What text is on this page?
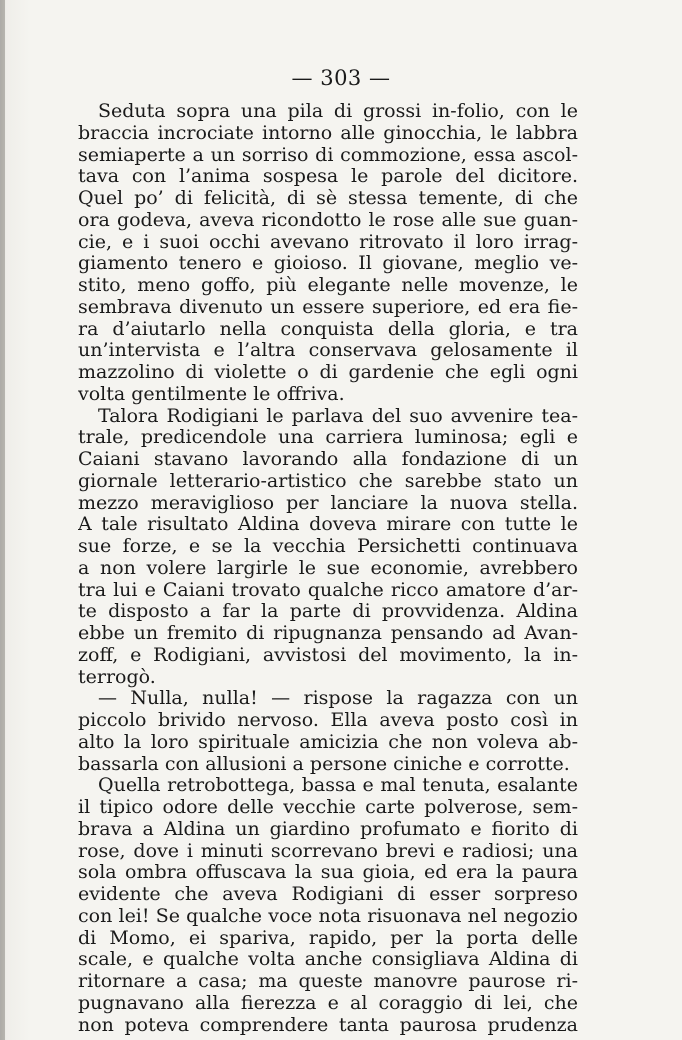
— 303 —
Seduta sopra una pila di grossi in-folio, con le
braccia incrociate intorno alle ginocchia, le labbra
semiaperte a un sorriso di commozione, essa ascol-
tava con l’anima sospesa le parole del dicitore.
Quel po’ di felicità, di sè stessa temente, di che
ora godeva, aveva ricondotto le rose alle sue guan-
cie, e i suoi occhi avevano ritrovato il loro irrag-
giamento tenero e gioioso. Il giovane, meglio ve-
stito, meno goffo, più elegante nelle movenze, le
sembrava divenuto un essere superiore, ed era fie-
ra d’aiutarlo nella conquista della gloria, e tra
un’intervista e l’altra conservava gelosamente il
mazzolino di violette o di gardenie che egli ogni
volta gentilmente le offriva.
Talora Rodigiani le parlava del suo avvenire tea-
trale, predicendole una carriera luminosa; egli e
Caiani stavano lavorando alla fondazione di un
giornale letterario-artistico che sarebbe stato un
mezzo meraviglioso per lanciare la nuova stella.
A tale risultato Aldina doveva mirare con tutte le
sue forze, e se la vecchia Persichetti continuava
a non volere largirle le sue economie, avrebbero
tra lui e Caiani trovato qualche ricco amatore d’ar-
te disposto a far la parte di provvidenza. Aldina
ebbe un fremito di ripugnanza pensando ad Avan-
zoff, e Rodigiani, avvistosi del movimento, la in-
terrogò.
— Nulla, nulla! — rispose la ragazza con un
piccolo brivido nervoso. Ella aveva posto così in
alto la loro spirituale amicizia che non voleva ab-
bassarla con allusioni a persone ciniche e corrotte.
Quella retrobottega, bassa e mal tenuta, esalante
il tipico odore delle vecchie carte polverose, sem-
brava a Aldina un giardino profumato e fiorito di
rose, dove i minuti scorrevano brevi e radiosi; una
sola ombra offuscava la sua gioia, ed era la paura
evidente che aveva Rodigiani di esser sorpreso
con lei! Se qualche voce nota risuonava nel negozio
di Momo, ei spariva, rapido, per la porta delle
scale, e qualche volta anche consigliava Aldina di
ritornare a casa; ma queste manovre paurose ri-
pugnavano alla fierezza e al coraggio di lei, che
non poteva comprendere tanta paurosa prudenza
